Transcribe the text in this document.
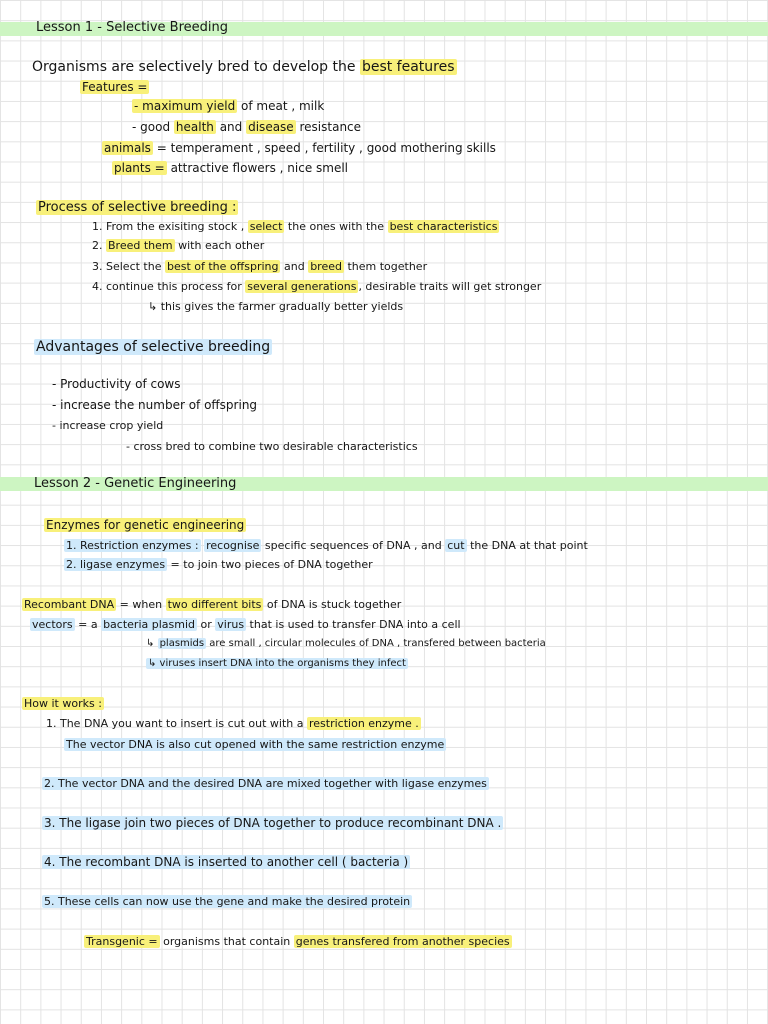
Lesson 1 - Selective Breeding
Organisms are selectively bred to develop the best features
Features =
- maximum yield of meat , milk
- good health and disease resistance
animals = temperament , speed , fertility , good mothering skills
plants = attractive flowers , nice smell
Process of selective breeding :
1. From the exisiting stock , select the ones with the best characteristics
2. Breed them with each other
3. Select the best of the offspring and breed them together
4. continue this process for several generations , desirable traits will get stronger
↳ this gives the farmer gradually better yields
Advantages of selective breeding
- Productivity of cows
- increase the number of offspring
- increase crop yield
- cross bred to combine two desirable characteristics
Lesson 2 - Genetic Engineering
Enzymes for genetic engineering
1. Restriction enzymes : recognise specific sequences of DNA , and cut the DNA at that point
2. ligase enzymes = to join two pieces of DNA together
Recombant DNA = when two different bits of DNA is stuck together
vectors = a bacteria plasmid or virus that is used to transfer DNA into a cell
↳ plasmids are small , circular molecules of DNA , transfered between bacteria
↳ viruses insert DNA into the organisms they infect
How it works :
1. The DNA you want to insert is cut out with a restriction enzyme .
The vector DNA is also cut opened with the same restriction enzyme
2. The vector DNA and the desired DNA are mixed together with ligase enzymes
3. The ligase join two pieces of DNA together to produce recombinant DNA .
4. The recombant DNA is inserted to another cell ( bacteria )
5. These cells can now use the gene and make the desired protein
Transgenic = organisms that contain genes transfered from another species
